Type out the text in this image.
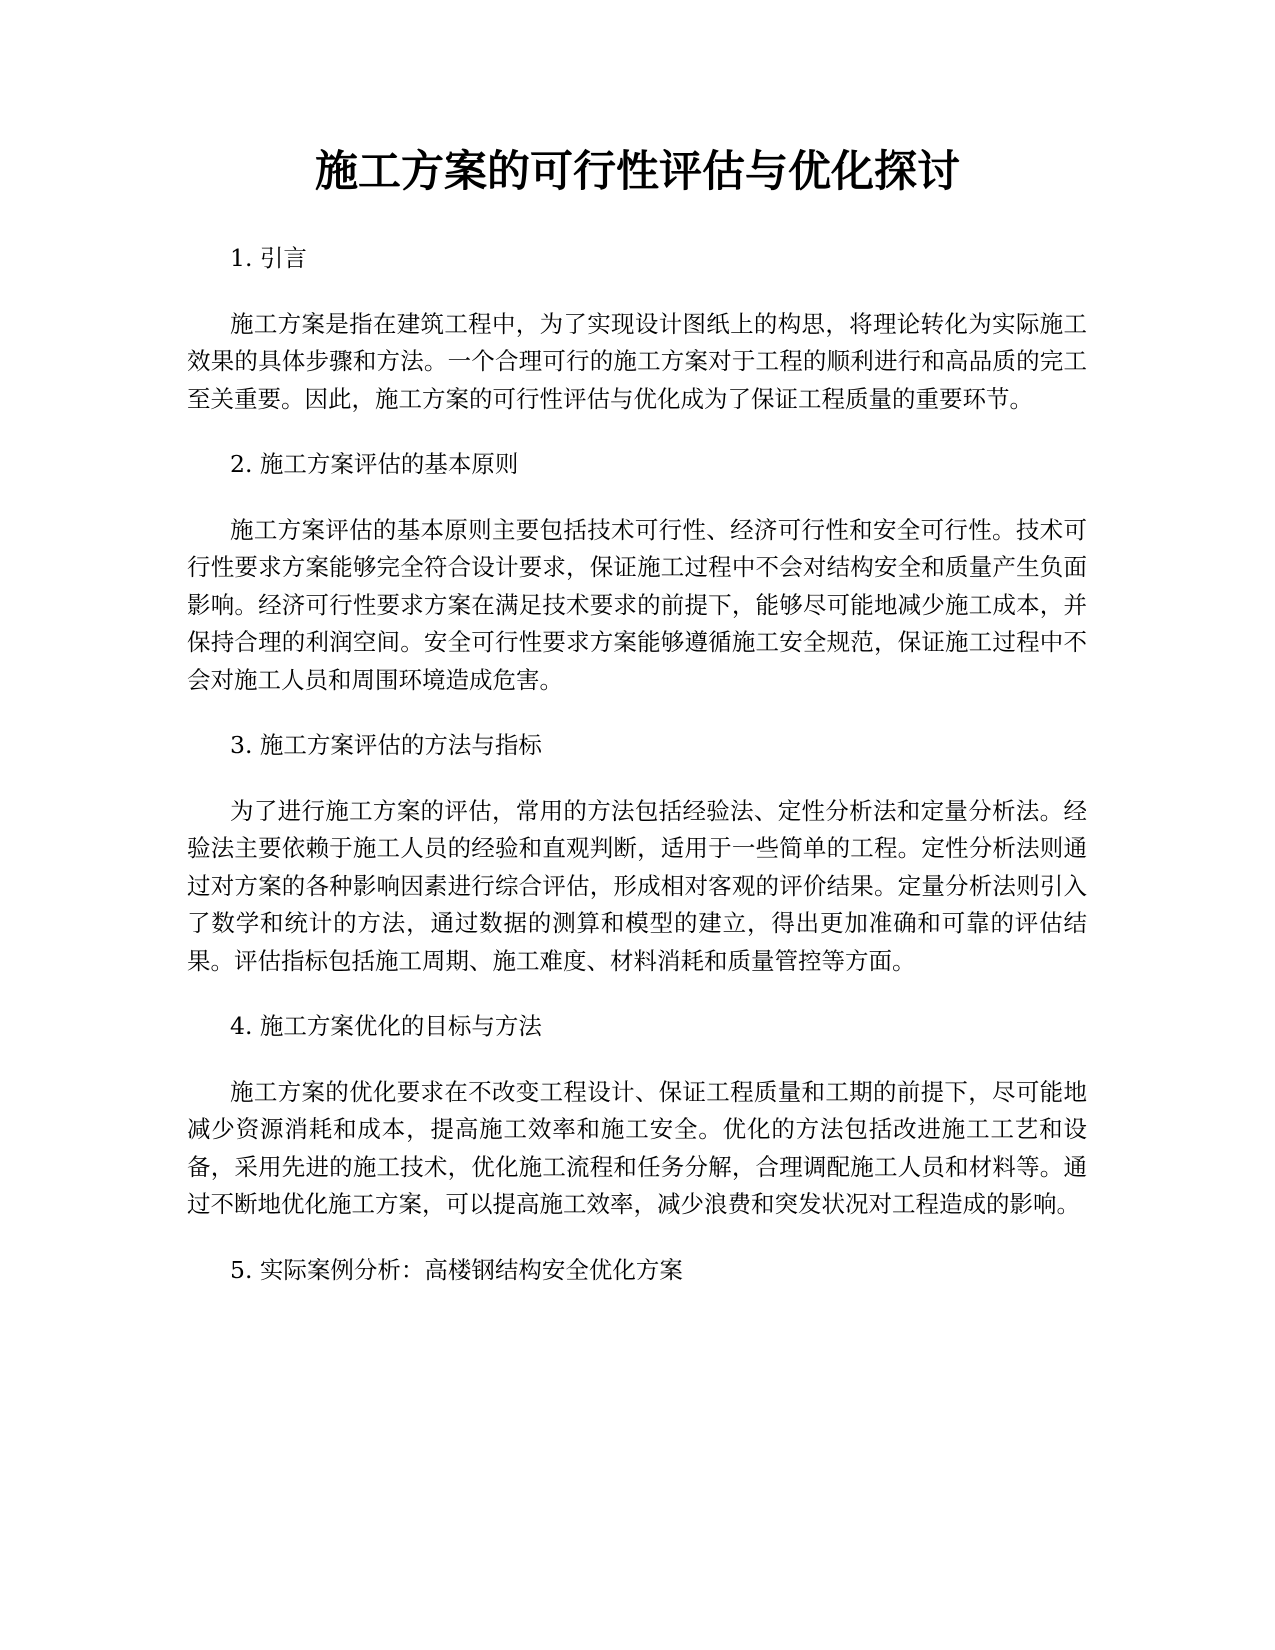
施工方案的可行性评估与优化探讨

1. 引言

施工方案是指在建筑工程中，为了实现设计图纸上的构思，将理论转化为实际施工效果的具体步骤和方法。一个合理可行的施工方案对于工程的顺利进行和高品质的完工至关重要。因此，施工方案的可行性评估与优化成为了保证工程质量的重要环节。

2. 施工方案评估的基本原则

施工方案评估的基本原则主要包括技术可行性、经济可行性和安全可行性。技术可行性要求方案能够完全符合设计要求，保证施工过程中不会对结构安全和质量产生负面影响。经济可行性要求方案在满足技术要求的前提下，能够尽可能地减少施工成本，并保持合理的利润空间。安全可行性要求方案能够遵循施工安全规范，保证施工过程中不会对施工人员和周围环境造成危害。

3. 施工方案评估的方法与指标

为了进行施工方案的评估，常用的方法包括经验法、定性分析法和定量分析法。经验法主要依赖于施工人员的经验和直观判断，适用于一些简单的工程。定性分析法则通过对方案的各种影响因素进行综合评估，形成相对客观的评价结果。定量分析法则引入了数学和统计的方法，通过数据的测算和模型的建立，得出更加准确和可靠的评估结果。评估指标包括施工周期、施工难度、材料消耗和质量管控等方面。

4. 施工方案优化的目标与方法

施工方案的优化要求在不改变工程设计、保证工程质量和工期的前提下，尽可能地减少资源消耗和成本，提高施工效率和施工安全。优化的方法包括改进施工工艺和设备，采用先进的施工技术，优化施工流程和任务分解，合理调配施工人员和材料等。通过不断地优化施工方案，可以提高施工效率，减少浪费和突发状况对工程造成的影响。

5. 实际案例分析：高楼钢结构安全优化方案
